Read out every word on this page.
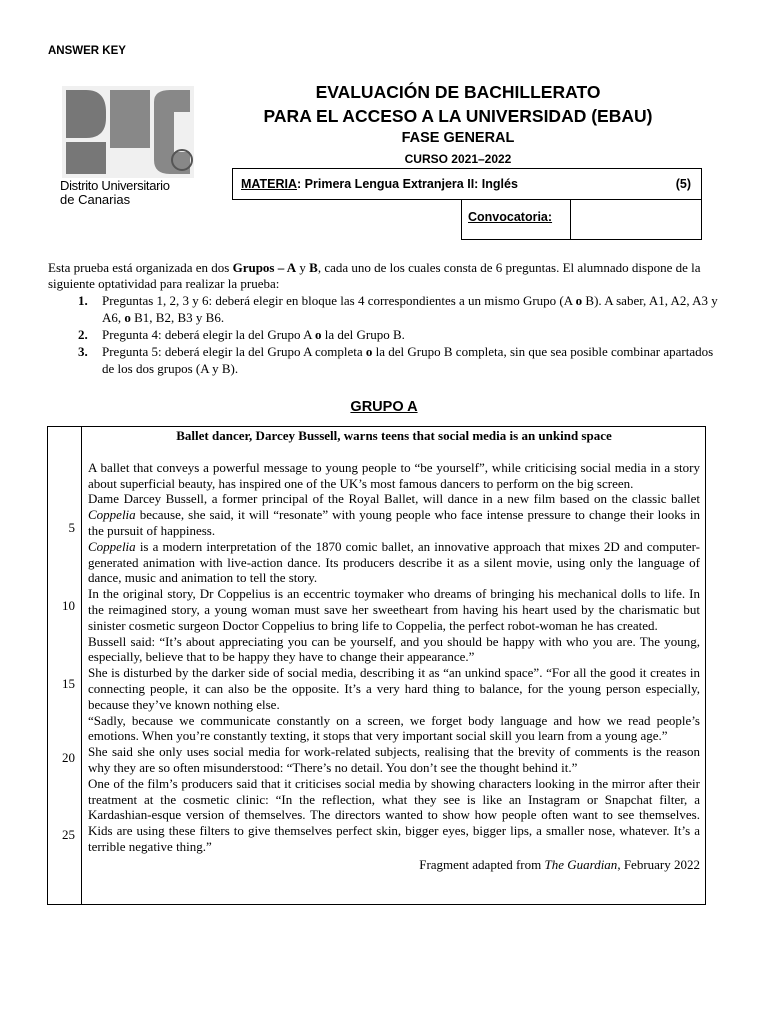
ANSWER KEY
Distrito Universitario
de Canarias
EVALUACIÓN DE BACHILLERATO
PARA EL ACCESO A LA UNIVERSIDAD (EBAU)
FASE GENERAL
CURSO 2021–2022
MATERIA: Primera Lengua Extranjera II: Inglés	(5)
Convocatoria:
Esta prueba está organizada en dos Grupos – A y B, cada uno de los cuales consta de 6 preguntas. El alumnado dispone de la siguiente optatividad para realizar la prueba:
1. Preguntas 1, 2, 3 y 6: deberá elegir en bloque las 4 correspondientes a un mismo Grupo (A o B). A saber, A1, A2, A3 y A6, o B1, B2, B3 y B6.
2. Pregunta 4: deberá elegir la del Grupo A o la del Grupo B.
3. Pregunta 5: deberá elegir la del Grupo A completa o la del Grupo B completa, sin que sea posible combinar apartados de los dos grupos (A y B).
GRUPO A
5
10
15
20
25

Ballet dancer, Darcey Bussell, warns teens that social media is an unkind space

A ballet that conveys a powerful message to young people to “be yourself”, while criticising social media in a story about superficial beauty, has inspired one of the UK’s most famous dancers to perform on the big screen.

Dame Darcey Bussell, a former principal of the Royal Ballet, will dance in a new film based on the classic ballet Coppelia because, she said, it will “resonate” with young people who face intense pressure to change their looks in the pursuit of happiness.

Coppelia is a modern interpretation of the 1870 comic ballet, an innovative approach that mixes 2D and computer-generated animation with live-action dance. Its producers describe it as a silent movie, using only the language of dance, music and animation to tell the story.

In the original story, Dr Coppelius is an eccentric toymaker who dreams of bringing his mechanical dolls to life. In the reimagined story, a young woman must save her sweetheart from having his heart used by the charismatic but sinister cosmetic surgeon Doctor Coppelius to bring life to Coppelia, the perfect robot-woman he has created.

Bussell said: “It’s about appreciating you can be yourself, and you should be happy with who you are. The young, especially, believe that to be happy they have to change their appearance.”

She is disturbed by the darker side of social media, describing it as “an unkind space”. “For all the good it creates in connecting people, it can also be the opposite. It’s a very hard thing to balance, for the young person especially, because they’ve known nothing else.

“Sadly, because we communicate constantly on a screen, we forget body language and how we read people’s emotions. When you’re constantly texting, it stops that very important social skill you learn from a young age.”

She said she only uses social media for work-related subjects, realising that the brevity of comments is the reason why they are so often misunderstood: “There’s no detail. You don’t see the thought behind it.”

One of the film’s producers said that it criticises social media by showing characters looking in the mirror after their treatment at the cosmetic clinic: “In the reflection, what they see is like an Instagram or Snapchat filter, a Kardashian-esque version of themselves. The directors wanted to show how people often want to see themselves. Kids are using these filters to give themselves perfect skin, bigger eyes, bigger lips, a smaller nose, whatever. It’s a terrible negative thing.”

Fragment adapted from The Guardian, February 2022
